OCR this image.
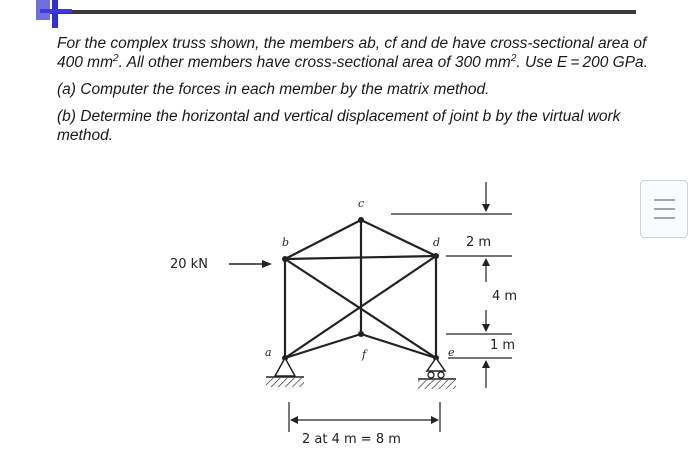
For the complex truss shown, the members ab, cf and de have cross-sectional area of 400 $mm^2$. All other members have cross-sectional area of 300 $mm^2$. Use E = 200 GPa.

(a) Computer the forces in each member by the matrix method.

(b) Determine the horizontal and vertical displacement of joint b by the virtual work method.

20 kN
b
c
d
a	f	e
2 m
4 m
1 m
2 at 4 m = 8 m
